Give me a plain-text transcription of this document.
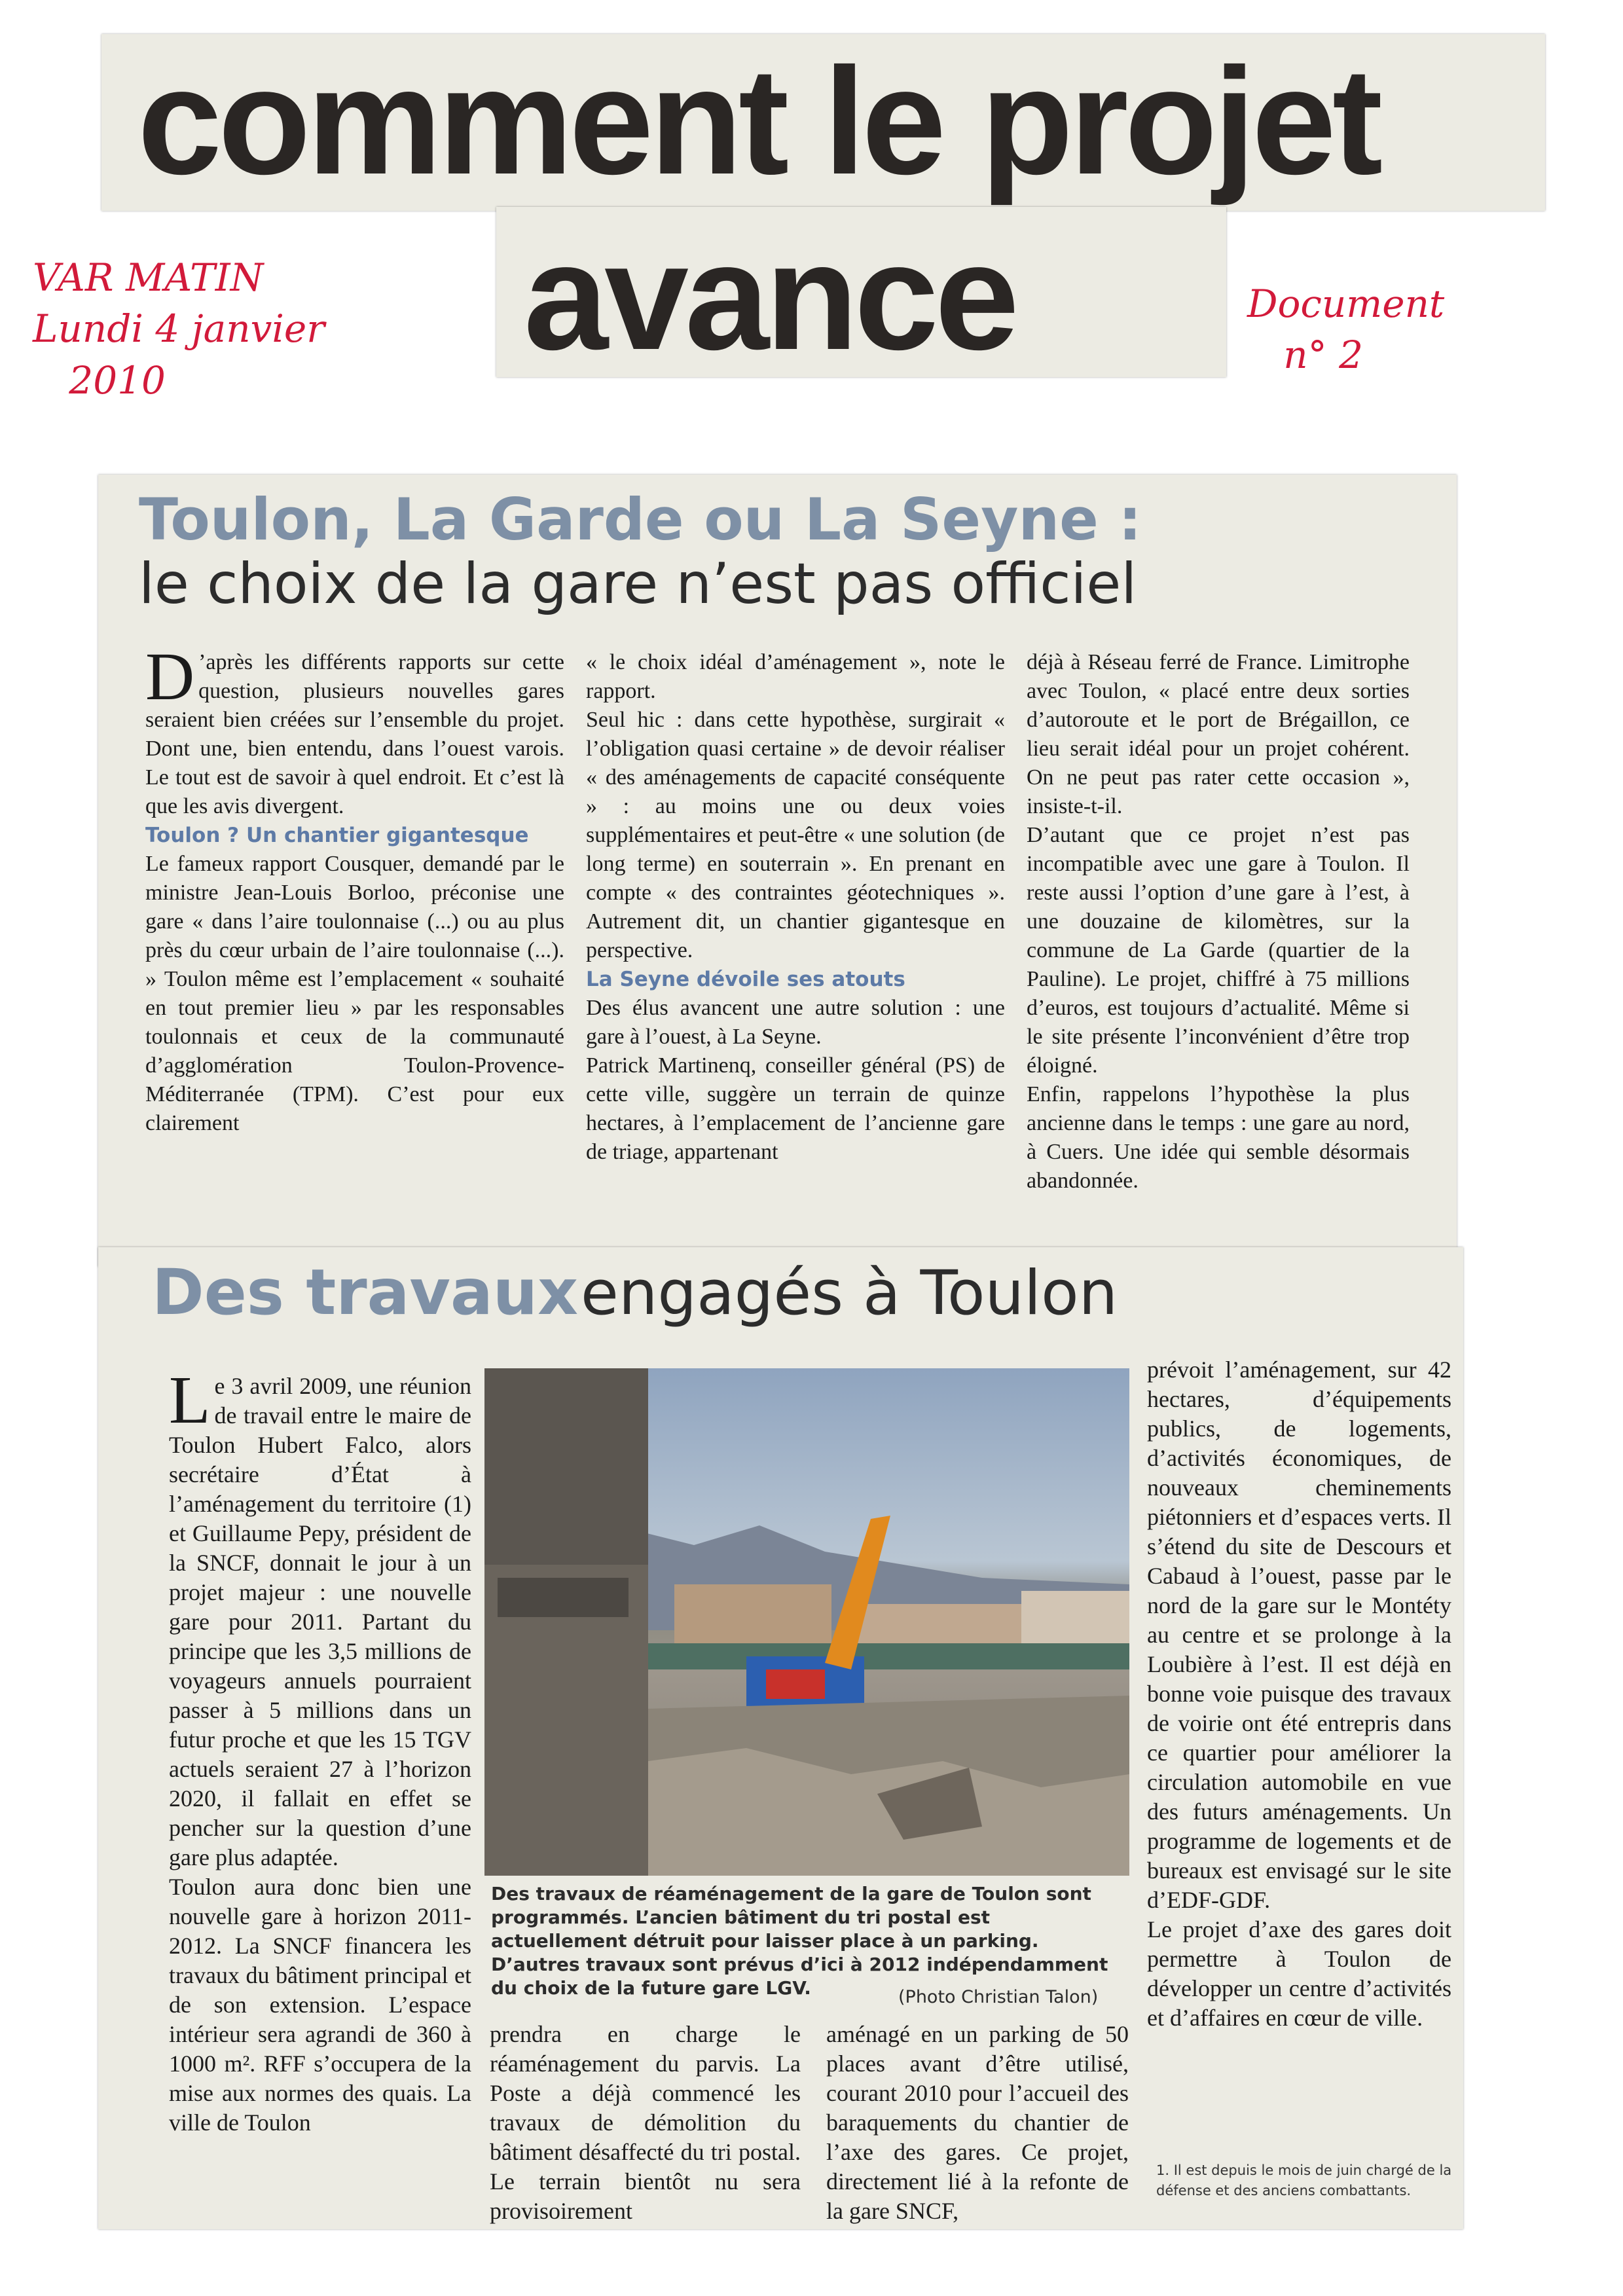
comment le projet
avance
VAR MATIN
Lundi 4 janvier
2010
Document
n° 2
Toulon, La Garde ou La Seyne :
le choix de la gare n’est pas officiel
D ’après les différents rapports sur cette question, plusieurs nouvelles gares seraient bien créées sur l’ensemble du projet. Dont une, bien entendu, dans l’ouest varois. Le tout est de savoir à quel endroit. Et c’est là que les avis divergent.

Toulon ? Un chantier gigantesque

Le fameux rapport Cousquer, demandé par le ministre Jean-Louis Borloo, préconise une gare « dans l’aire toulonnaise (...) ou au plus près du cœur urbain de l’aire toulonnaise (...). » Toulon même est l’emplacement « souhaité en tout premier lieu » par les responsables toulonnais et ceux de la communauté d’agglomération Toulon-Provence-Méditerranée (TPM). C’est pour eux clairement

« le choix idéal d’aménagement », note le rapport.

Seul hic : dans cette hypothèse, surgirait « l’obligation quasi certaine » de devoir réaliser « des aménagements de capacité conséquente » : au moins une ou deux voies supplémentaires et peut-être « une solution (de long terme) en souterrain ». En prenant en compte « des contraintes géotechniques ». Autrement dit, un chantier gigantesque en perspective.

La Seyne dévoile ses atouts

Des élus avancent une autre solution : une gare à l’ouest, à La Seyne.

Patrick Martinenq, conseiller général (PS) de cette ville, suggère un terrain de quinze hectares, à l’emplacement de l’ancienne gare de triage, appartenant

déjà à Réseau ferré de France. Limitrophe avec Toulon, « placé entre deux sorties d’autoroute et le port de Brégaillon, ce lieu serait idéal pour un projet cohérent. On ne peut pas rater cette occasion », insiste-t-il.

D’autant que ce projet n’est pas incompatible avec une gare à Toulon. Il reste aussi l’option d’une gare à l’est, à une douzaine de kilomètres, sur la commune de La Garde (quartier de la Pauline). Le projet, chiffré à 75 millions d’euros, est toujours d’actualité. Même si le site présente l’inconvénient d’être trop éloigné.

Enfin, rappelons l’hypothèse la plus ancienne dans le temps : une gare au nord, à Cuers. Une idée qui semble désormais abandonnée.

Des travaux engagés à Toulon
L e 3 avril 2009, une réunion de travail entre le maire de Toulon Hubert Falco, alors secrétaire d’État à l’aménagement du territoire (1) et Guillaume Pepy, président de la SNCF, donnait le jour à un projet majeur : une nouvelle gare pour 2011. Partant du principe que les 3,5 millions de voyageurs annuels pourraient passer à 5 millions dans un futur proche et que les 15 TGV actuels seraient 27 à l’horizon 2020, il fallait en effet se pencher sur la question d’une gare plus adaptée.

Toulon aura donc bien une nouvelle gare à horizon 2011-2012. La SNCF financera les travaux du bâtiment principal et de son extension. L’espace intérieur sera agrandi de 360 à 1000 m². RFF s’occupera de la mise aux normes des quais. La ville de Toulon

Des travaux de réaménagement de la gare de Toulon sont programmés. L’ancien bâtiment du tri postal est actuellement détruit pour laisser place à un parking. D’autres travaux sont prévus d’ici à 2012 indépendamment du choix de la future gare LGV.	(Photo Christian Talon)

prendra en charge le réaménagement du parvis. La Poste a déjà commencé les travaux de démolition du bâtiment désaffecté du tri postal. Le terrain bientôt nu sera provisoirement

aménagé en un parking de 50 places avant d’être utilisé, courant 2010 pour l’accueil des baraquements du chantier de l’axe des gares. Ce projet, directement lié à la refonte de la gare SNCF,

prévoit l’aménagement, sur 42 hectares, d’équipements publics, de logements, d’activités économiques, de nouveaux cheminements piétonniers et d’espaces verts. Il s’étend du site de Descours et Cabaud à l’ouest, passe par le nord de la gare sur le Montéty au centre et se prolonge à la Loubière à l’est. Il est déjà en bonne voie puisque des travaux de voirie ont été entrepris dans ce quartier pour améliorer la circulation automobile en vue des futurs aménagements. Un programme de logements et de bureaux est envisagé sur le site d’EDF-GDF.

Le projet d’axe des gares doit permettre à Toulon de développer un centre d’activités et d’affaires en cœur de ville.

1. Il est depuis le mois de juin chargé de la défense et des anciens combattants.
